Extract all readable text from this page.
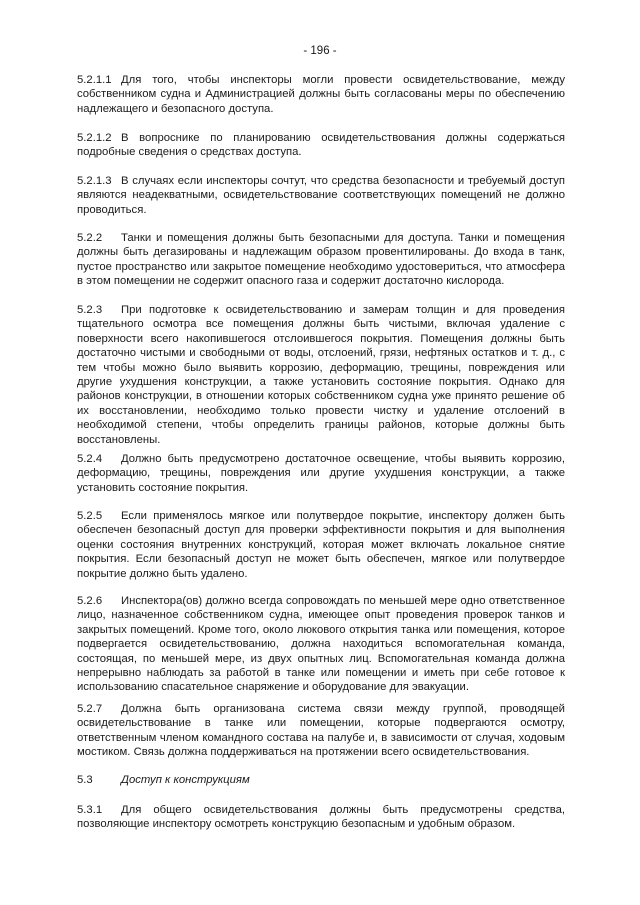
- 196 -
5.2.1.1 Для того, чтобы инспекторы могли провести освидетельствование, между собственником судна и Администрацией должны быть согласованы меры по обеспечению надлежащего и безопасного доступа.
5.2.1.2 В вопроснике по планированию освидетельствования должны содержаться подробные сведения о средствах доступа.
5.2.1.3 В случаях если инспекторы сочтут, что средства безопасности и требуемый доступ являются неадекватными, освидетельствование соответствующих помещений не должно проводиться.
5.2.2 Танки и помещения должны быть безопасными для доступа. Танки и помещения должны быть дегазированы и надлежащим образом провентилированы. До входа в танк, пустое пространство или закрытое помещение необходимо удостовериться, что атмосфера в этом помещении не содержит опасного газа и содержит достаточно кислорода.
5.2.3 При подготовке к освидетельствованию и замерам толщин и для проведения тщательного осмотра все помещения должны быть чистыми, включая удаление с поверхности всего накопившегося отслоившегося покрытия. Помещения должны быть достаточно чистыми и свободными от воды, отслоений, грязи, нефтяных остатков и т. д., с тем чтобы можно было выявить коррозию, деформацию, трещины, повреждения или другие ухудшения конструкции, а также установить состояние покрытия. Однако для районов конструкции, в отношении которых собственником судна уже принято решение об их восстановлении, необходимо только провести чистку и удаление отслоений в необходимой степени, чтобы определить границы районов, которые должны быть восстановлены.
5.2.4 Должно быть предусмотрено достаточное освещение, чтобы выявить коррозию, деформацию, трещины, повреждения или другие ухудшения конструкции, а также установить состояние покрытия.
5.2.5 Если применялось мягкое или полутвердое покрытие, инспектору должен быть обеспечен безопасный доступ для проверки эффективности покрытия и для выполнения оценки состояния внутренних конструкций, которая может включать локальное снятие покрытия. Если безопасный доступ не может быть обеспечен, мягкое или полутвердое покрытие должно быть удалено.
5.2.6 Инспектора(ов) должно всегда сопровождать по меньшей мере одно ответственное лицо, назначенное собственником судна, имеющее опыт проведения проверок танков и закрытых помещений. Кроме того, около люкового открытия танка или помещения, которое подвергается освидетельствованию, должна находиться вспомогательная команда, состоящая, по меньшей мере, из двух опытных лиц. Вспомогательная команда должна непрерывно наблюдать за работой в танке или помещении и иметь при себе готовое к использованию спасательное снаряжение и оборудование для эвакуации.
5.2.7 Должна быть организована система связи между группой, проводящей освидетельствование в танке или помещении, которые подвергаются осмотру, ответственным членом командного состава на палубе и, в зависимости от случая, ходовым мостиком. Связь должна поддерживаться на протяжении всего освидетельствования.
5.3	Доступ к конструкциям
5.3.1 Для общего освидетельствования должны быть предусмотрены средства, позволяющие инспектору осмотреть конструкцию безопасным и удобным образом.
